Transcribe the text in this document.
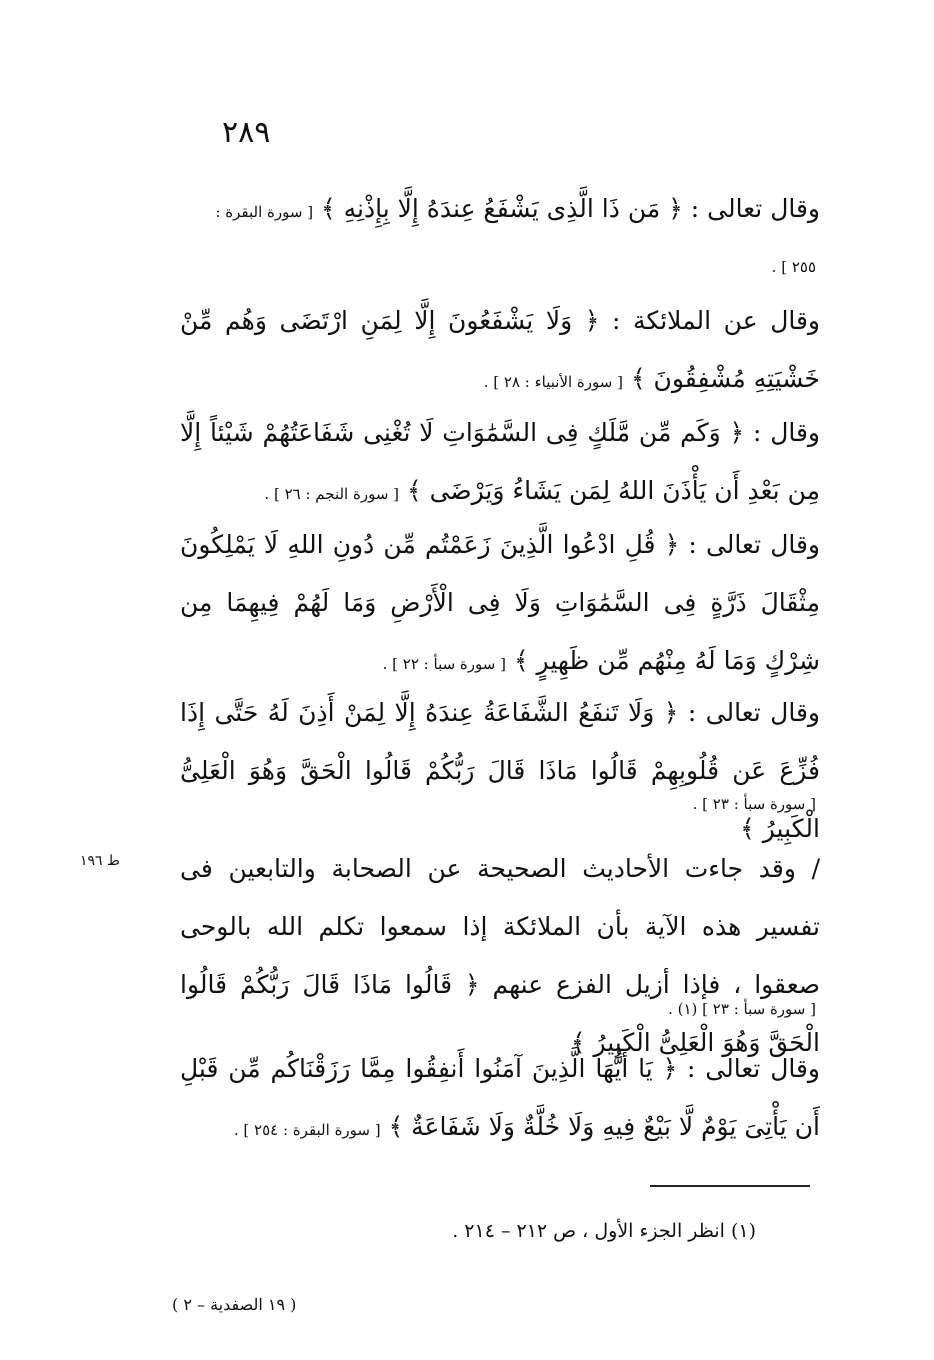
٢٨٩
وقال تعالى : ﴿ مَن ذَا الَّذِى يَشْفَعُ عِندَهُ إِلَّا بِإِذْنِهِ ﴾ [ سورة البقرة :
٢٥٥ ] .
وقال عن الملائكة : ﴿ وَلَا يَشْفَعُونَ إِلَّا لِمَنِ ارْتَضَى وَهُم مِّنْ خَشْيَتِهِ مُشْفِقُونَ ﴾ [ سورة الأنبياء : ٢٨ ] .
وقال : ﴿ وَكَم مِّن مَّلَكٍ فِى السَّمَٰوَاتِ لَا تُغْنِى شَفَاعَتُهُمْ شَيْئاً إِلَّا مِن بَعْدِ أَن يَأْذَنَ اللهُ لِمَن يَشَاءُ وَيَرْضَى ﴾ [ سورة النجم : ٢٦ ] .
وقال تعالى : ﴿ قُلِ ادْعُوا الَّذِينَ زَعَمْتُم مِّن دُونِ اللهِ لَا يَمْلِكُونَ مِثْقَالَ ذَرَّةٍ فِى السَّمَٰوَاتِ وَلَا فِى الْأَرْضِ وَمَا لَهُمْ فِيهِمَا مِن شِرْكٍ وَمَا لَهُ مِنْهُم مِّن ظَهِيرٍ ﴾ [ سورة سبأ : ٢٢ ] .
وقال تعالى : ﴿ وَلَا تَنفَعُ الشَّفَاعَةُ عِندَهُ إِلَّا لِمَنْ أَذِنَ لَهُ حَتَّى إِذَا فُزِّعَ عَن قُلُوبِهِمْ قَالُوا مَاذَا قَالَ رَبُّكُمْ قَالُوا الْحَقَّ وَهُوَ الْعَلِىُّ الْكَبِيرُ ﴾
[ سورة سبأ : ٢٣ ] .
/ وقد جاءت الأحاديث الصحيحة عن الصحابة والتابعين فى تفسير هذه الآية بأن الملائكة إذا سمعوا تكلم الله بالوحى صعقوا ، فإذا أزيل الفزع عنهم ﴿ قَالُوا مَاذَا قَالَ رَبُّكُمْ قَالُوا الْحَقَّ وَهُوَ الْعَلِىُّ الْكَبِيرُ ﴾
[ سورة سبأ : ٢٣ ] (١) .
ط ١٩٦
وقال تعالى : ﴿ يَا أَيُّهَا الَّذِينَ آمَنُوا أَنفِقُوا مِمَّا رَزَقْنَاكُم مِّن قَبْلِ أَن يَأْتِىَ يَوْمٌ لَّا بَيْعٌ فِيهِ وَلَا خُلَّةٌ وَلَا شَفَاعَةٌ ﴾ [ سورة البقرة : ٢٥٤ ] .
(١) انظر الجزء الأول ، ص ٢١٢ – ٢١٤ .
( ١٩ الصفدية – ٢ )
